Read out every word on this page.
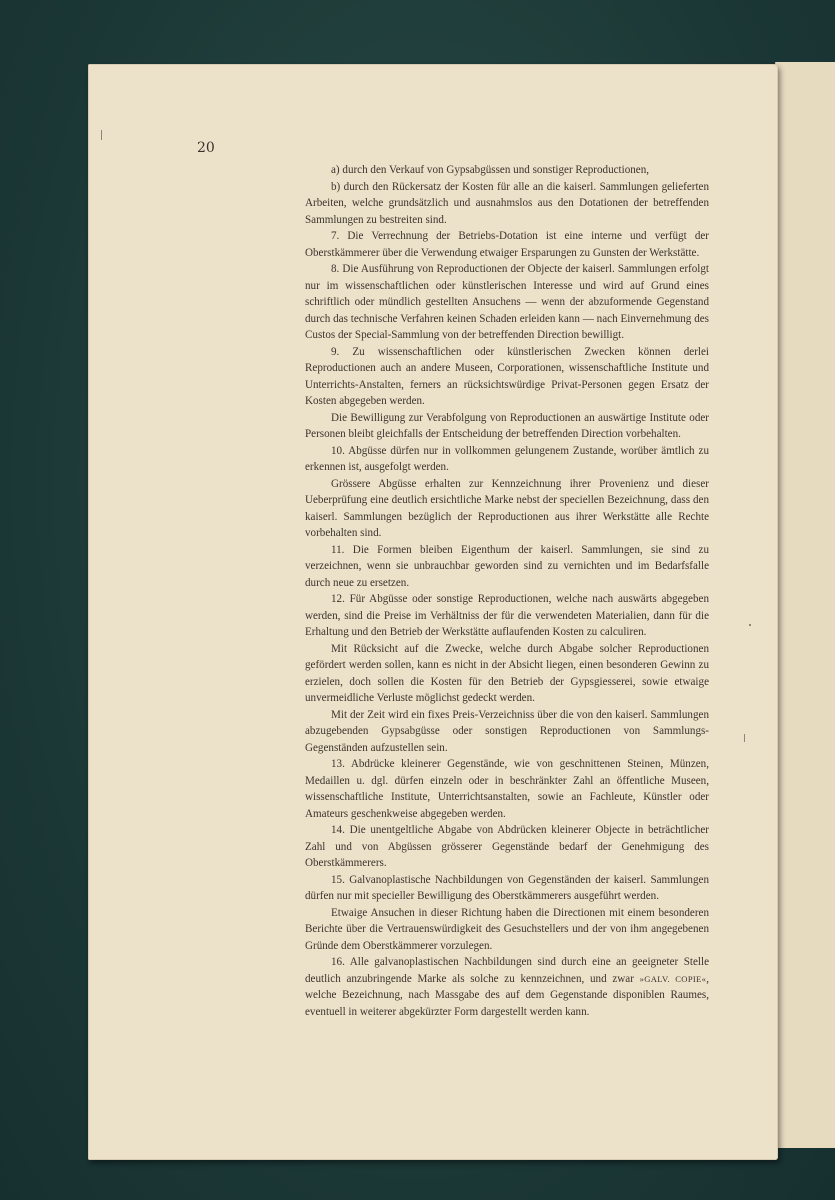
20

a) durch den Verkauf von Gypsabgüssen und sonstiger Reproductionen,

b) durch den Rückersatz der Kosten für alle an die kaiserl. Sammlungen gelieferten Arbeiten, welche grundsätzlich und ausnahmslos aus den Dotationen der betreffenden Sammlungen zu bestreiten sind.

7. Die Verrechnung der Betriebs-Dotation ist eine interne und verfügt der Oberstkämmerer über die Verwendung etwaiger Ersparungen zu Gunsten der Werkstätte.

8. Die Ausführung von Reproductionen der Objecte der kaiserl. Sammlungen erfolgt nur im wissenschaftlichen oder künstlerischen Interesse und wird auf Grund eines schriftlich oder mündlich gestellten Ansuchens — wenn der abzuformende Gegenstand durch das technische Verfahren keinen Schaden erleiden kann — nach Einvernehmung des Custos der Special-Sammlung von der betreffenden Direction bewilligt.

9. Zu wissenschaftlichen oder künstlerischen Zwecken können derlei Reproductionen auch an andere Museen, Corporationen, wissenschaftliche Institute und Unterrichts-Anstalten, ferners an rücksichtswürdige Privat-Personen gegen Ersatz der Kosten abgegeben werden.

Die Bewilligung zur Verabfolgung von Reproductionen an auswärtige Institute oder Personen bleibt gleichfalls der Entscheidung der betreffenden Direction vorbehalten.

10. Abgüsse dürfen nur in vollkommen gelungenem Zustande, worüber ämtlich zu erkennen ist, ausgefolgt werden.

Grössere Abgüsse erhalten zur Kennzeichnung ihrer Provenienz und dieser Ueberprüfung eine deutlich ersichtliche Marke nebst der speciellen Bezeichnung, dass den kaiserl. Sammlungen bezüglich der Reproductionen aus ihrer Werkstätte alle Rechte vorbehalten sind.

11. Die Formen bleiben Eigenthum der kaiserl. Sammlungen, sie sind zu verzeichnen, wenn sie unbrauchbar geworden sind zu vernichten und im Bedarfsfalle durch neue zu ersetzen.

12. Für Abgüsse oder sonstige Reproductionen, welche nach auswärts abgegeben werden, sind die Preise im Verhältniss der für die verwendeten Materialien, dann für die Erhaltung und den Betrieb der Werkstätte auflaufenden Kosten zu calculiren.

Mit Rücksicht auf die Zwecke, welche durch Abgabe solcher Reproductionen gefördert werden sollen, kann es nicht in der Absicht liegen, einen besonderen Gewinn zu erzielen, doch sollen die Kosten für den Betrieb der Gypsgiesserei, sowie etwaige unvermeidliche Verluste möglichst gedeckt werden.

Mit der Zeit wird ein fixes Preis-Verzeichniss über die von den kaiserl. Sammlungen abzugebenden Gypsabgüsse oder sonstigen Reproductionen von Sammlungs-Gegenständen aufzustellen sein.

13. Abdrücke kleinerer Gegenstände, wie von geschnittenen Steinen, Münzen, Medaillen u. dgl. dürfen einzeln oder in beschränkter Zahl an öffentliche Museen, wissenschaftliche Institute, Unterrichtsanstalten, sowie an Fachleute, Künstler oder Amateurs geschenkweise abgegeben werden.

14. Die unentgeltliche Abgabe von Abdrücken kleinerer Objecte in beträchtlicher Zahl und von Abgüssen grösserer Gegenstände bedarf der Genehmigung des Oberstkämmerers.

15. Galvanoplastische Nachbildungen von Gegenständen der kaiserl. Sammlungen dürfen nur mit specieller Bewilligung des Oberstkämmerers ausgeführt werden.

Etwaige Ansuchen in dieser Richtung haben die Directionen mit einem besonderen Berichte über die Vertrauenswürdigkeit des Gesuchstellers und der von ihm angegebenen Gründe dem Oberstkämmerer vorzulegen.

16. Alle galvanoplastischen Nachbildungen sind durch eine an geeigneter Stelle deutlich anzubringende Marke als solche zu kennzeichnen, und zwar »GALV. COPIE«, welche Bezeichnung, nach Massgabe des auf dem Gegenstande disponiblen Raumes, eventuell in weiterer abgekürzter Form dargestellt werden kann.
